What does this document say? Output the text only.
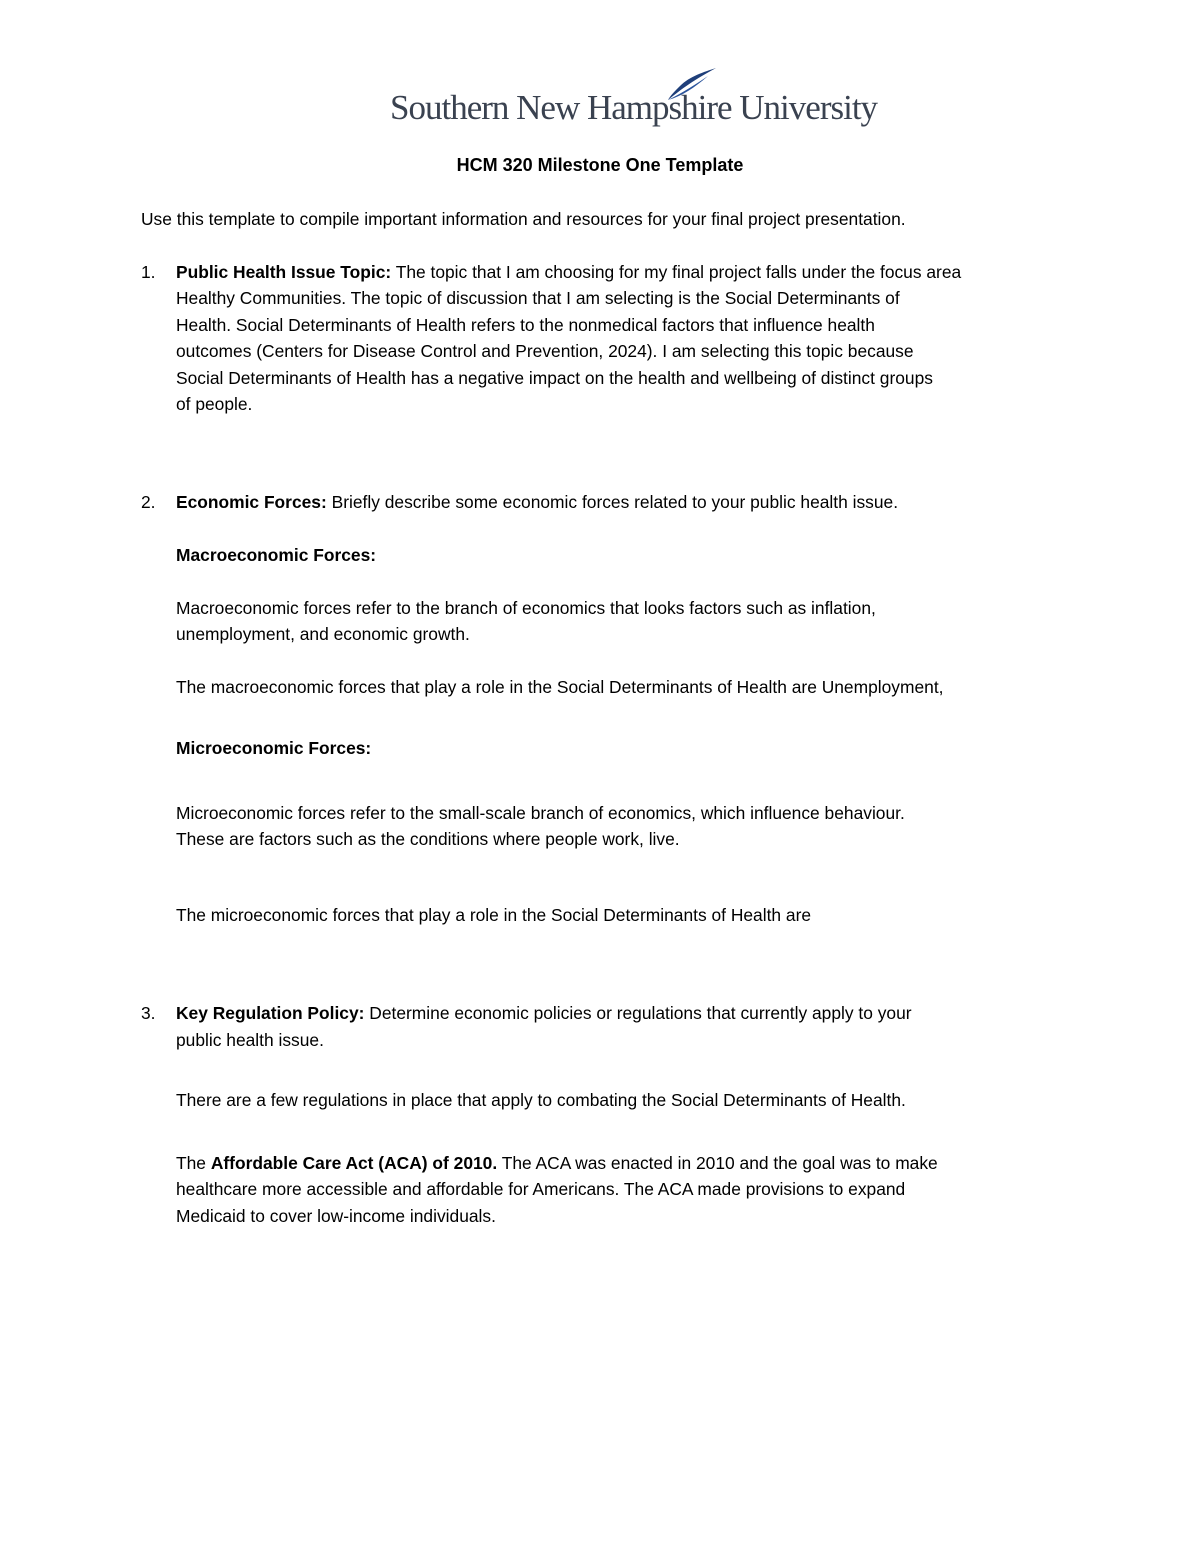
Southern New Hampshire University
HCM 320 Milestone One Template
Use this template to compile important information and resources for your final project presentation.
1. Public Health Issue Topic: The topic that I am choosing for my final project falls under the focus area
Healthy Communities. The topic of discussion that I am selecting is the Social Determinants of
Health. Social Determinants of Health refers to the nonmedical factors that influence health
outcomes (Centers for Disease Control and Prevention, 2024). I am selecting this topic because
Social Determinants of Health has a negative impact on the health and wellbeing of distinct groups
of people.
2. Economic Forces: Briefly describe some economic forces related to your public health issue.
Macroeconomic Forces:
Macroeconomic forces refer to the branch of economics that looks factors such as inflation,
unemployment, and economic growth.
The macroeconomic forces that play a role in the Social Determinants of Health are Unemployment,
Microeconomic Forces:
Microeconomic forces refer to the small-scale branch of economics, which influence behaviour.
These are factors such as the conditions where people work, live.
The microeconomic forces that play a role in the Social Determinants of Health are
3. Key Regulation Policy: Determine economic policies or regulations that currently apply to your
public health issue.
There are a few regulations in place that apply to combating the Social Determinants of Health.
The Affordable Care Act (ACA) of 2010. The ACA was enacted in 2010 and the goal was to make
healthcare more accessible and affordable for Americans. The ACA made provisions to expand
Medicaid to cover low-income individuals.
